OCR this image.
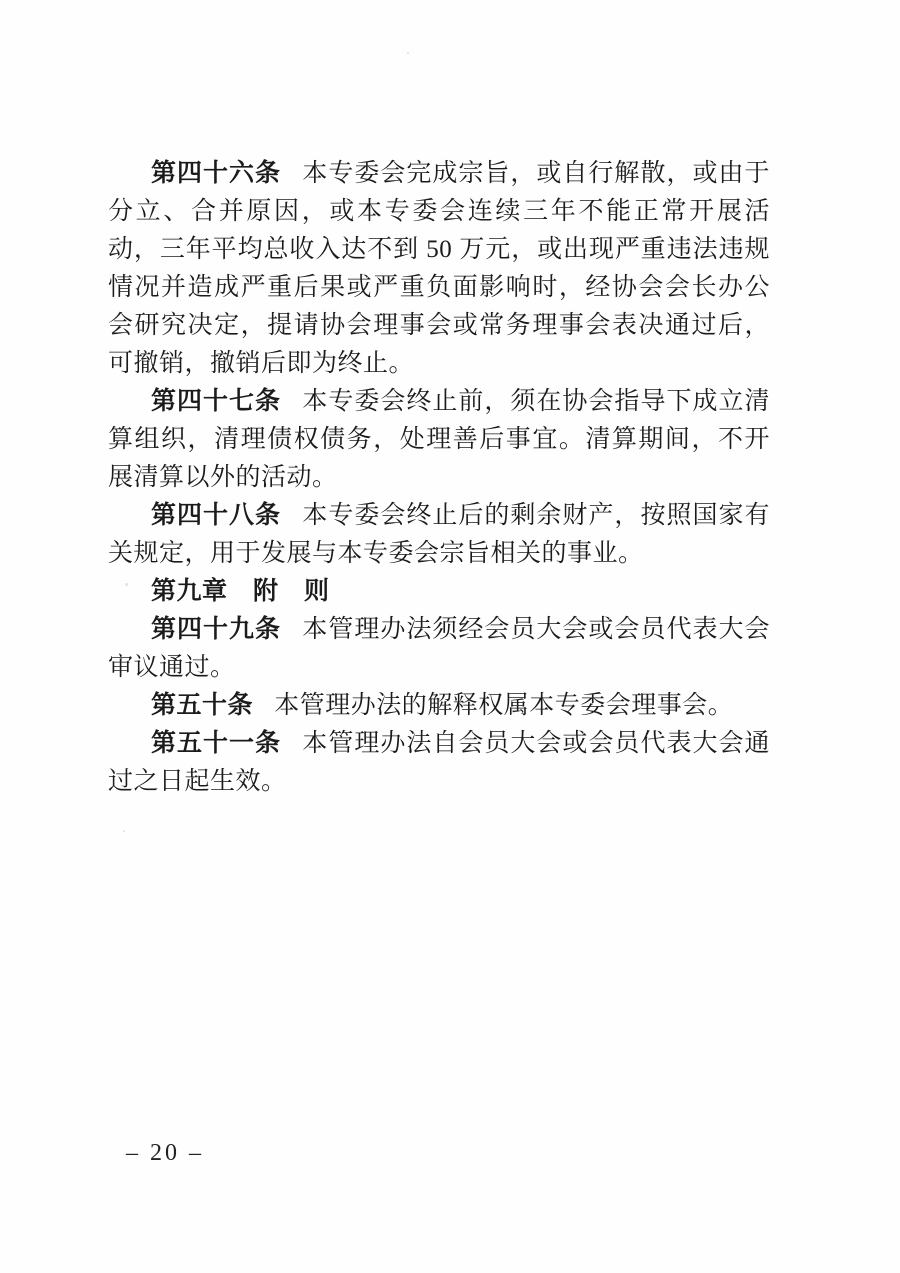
第四十六条 本专委会完成宗旨，或自行解散，或由于分立、合并原因，或本专委会连续三年不能正常开展活动，三年平均总收入达不到 50 万元，或出现严重违法违规情况并造成严重后果或严重负面影响时，经协会会长办公会研究决定，提请协会理事会或常务理事会表决通过后，可撤销，撤销后即为终止。

第四十七条 本专委会终止前，须在协会指导下成立清算组织，清理债权债务，处理善后事宜。清算期间，不开展清算以外的活动。

第四十八条 本专委会终止后的剩余财产，按照国家有关规定，用于发展与本专委会宗旨相关的事业。

第九章　附　则

第四十九条 本管理办法须经会员大会或会员代表大会审议通过。

第五十条 本管理办法的解释权属本专委会理事会。

第五十一条 本管理办法自会员大会或会员代表大会通过之日起生效。

– 20 –
